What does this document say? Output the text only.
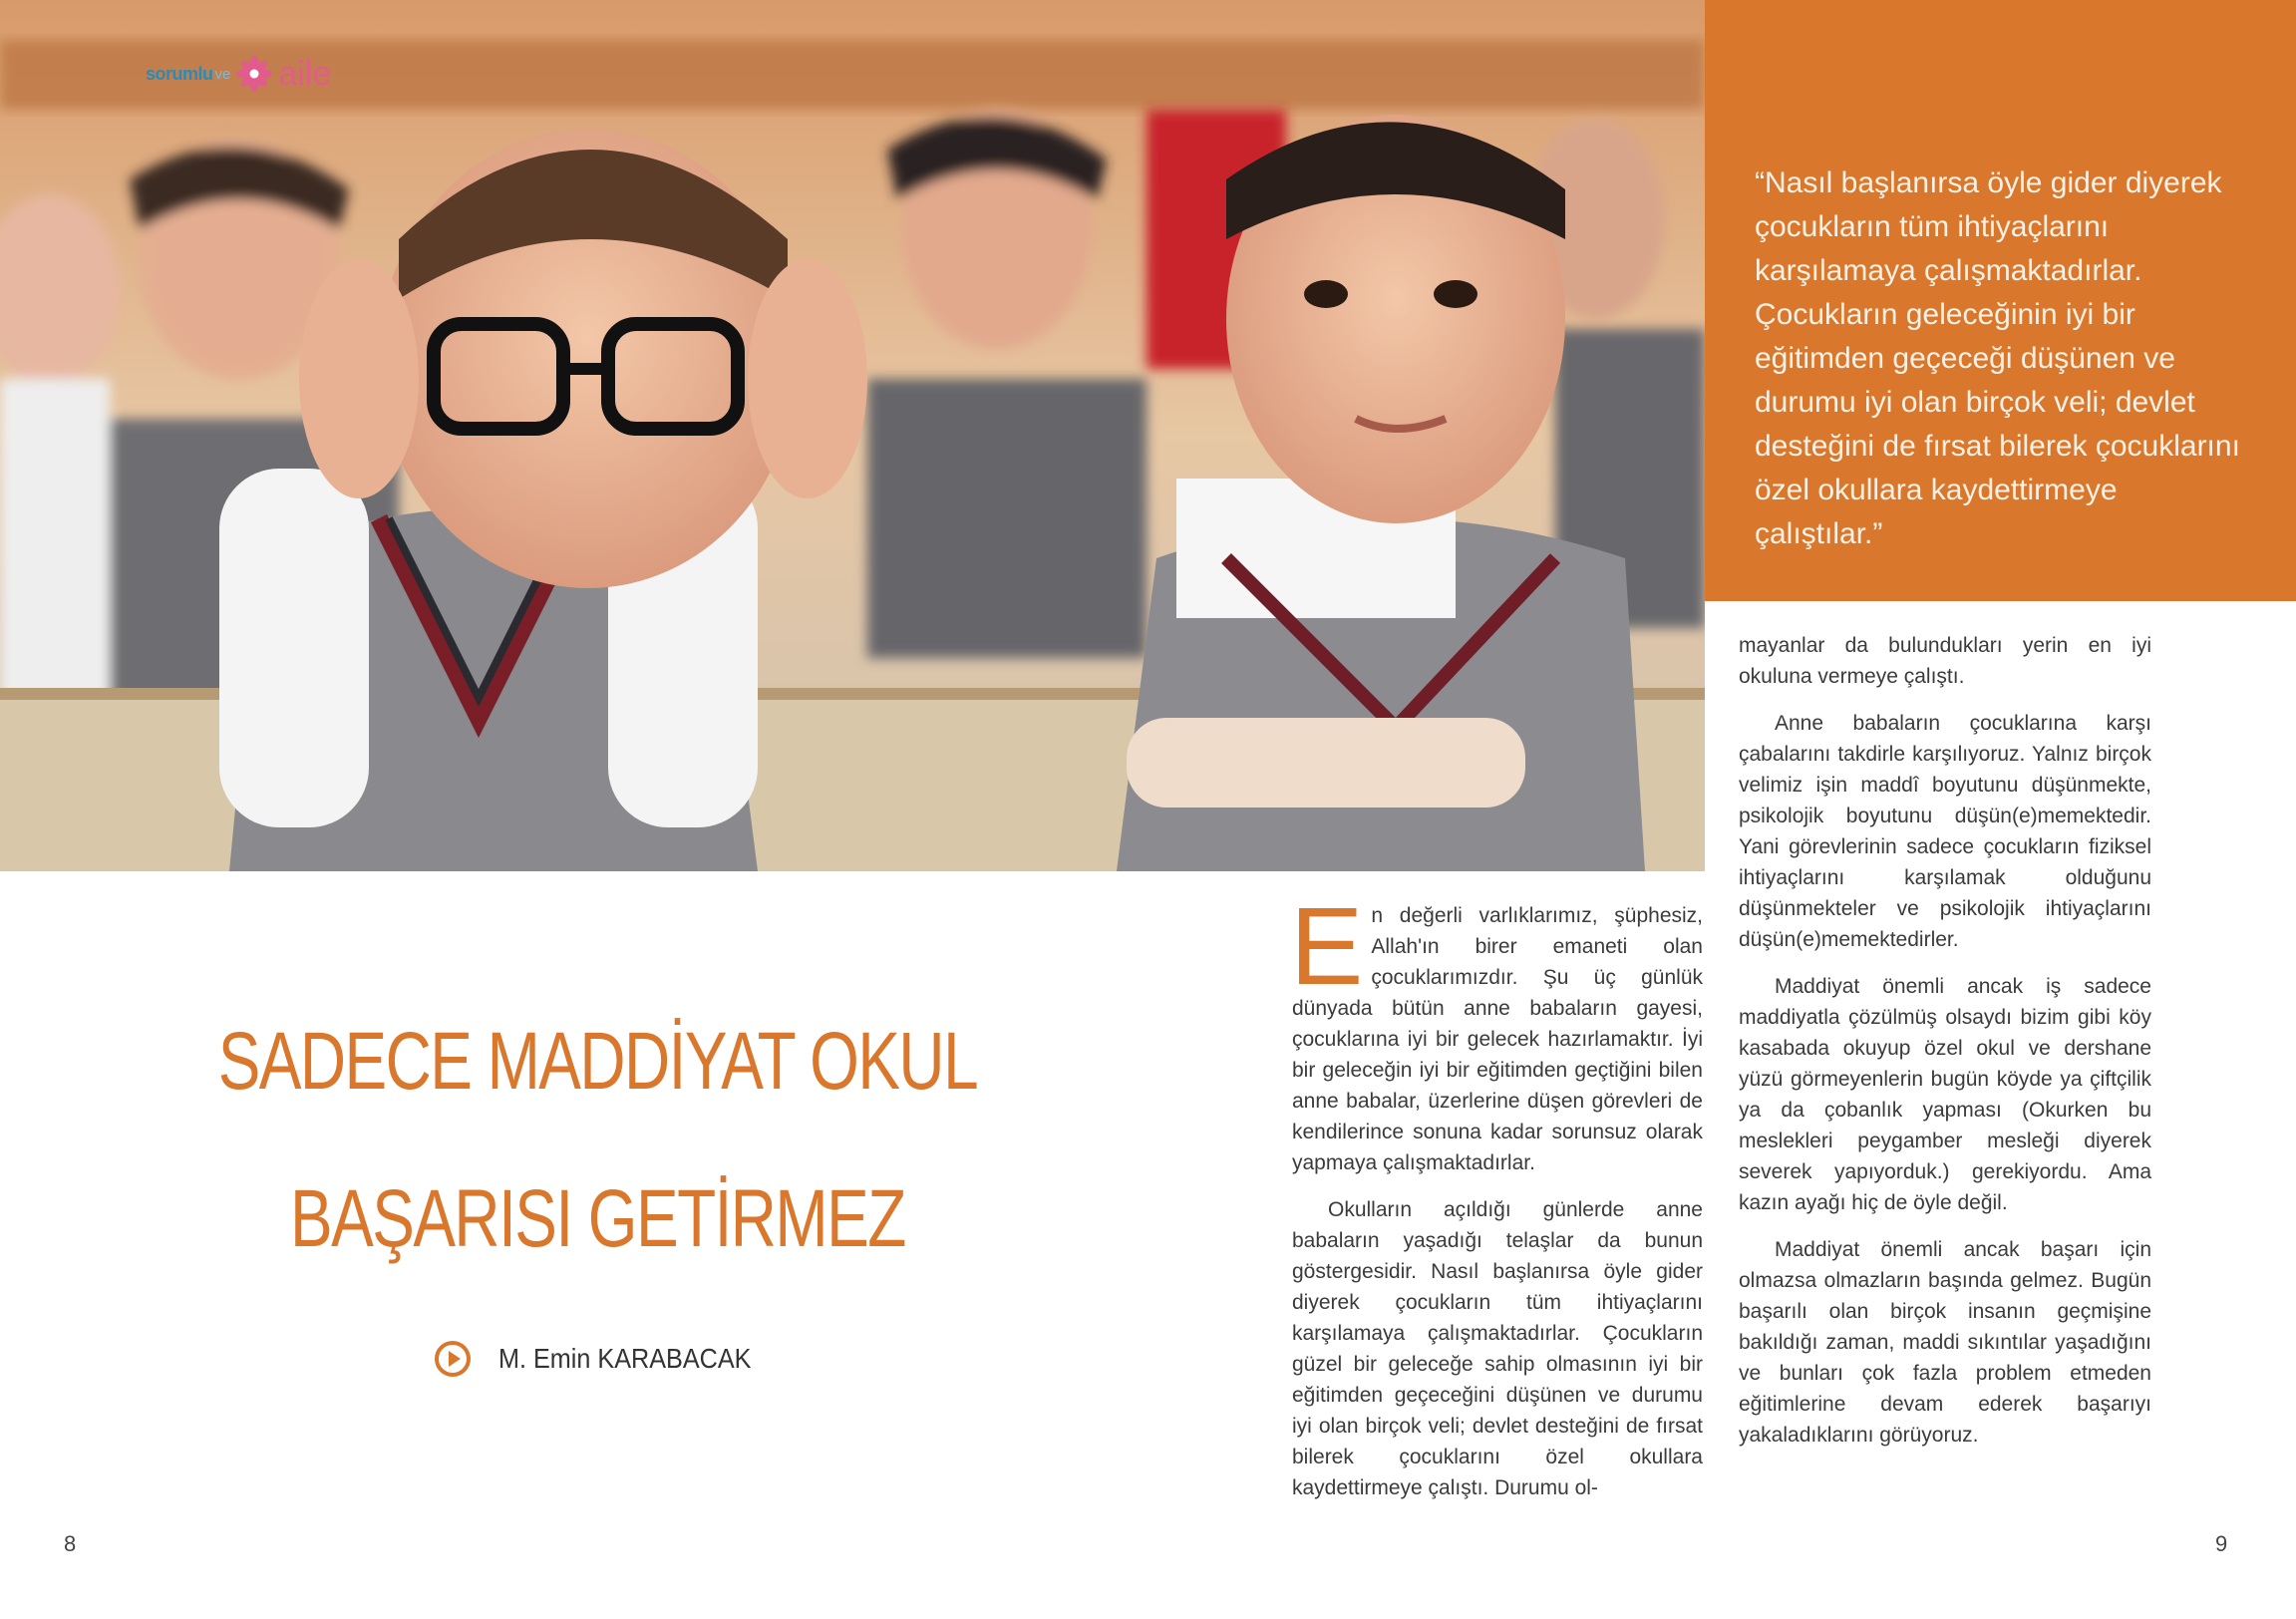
sorumlu ve aile
“Nasıl başlanırsa öyle gider diyerek çocukların tüm ihtiyaçlarını karşılamaya çalışmaktadırlar. Çocukların geleceğinin iyi bir eğitimden geçeceği düşünen ve durumu iyi olan birçok veli; devlet desteğini de fırsat bilerek çocuklarını özel okullara kaydettirmeye çalıştılar.”
SADECE MADDİYAT OKUL
BAŞARISI GETİRMEZ
M. Emin KARABACAK

En değerli varlıklarımız, şüphesiz, Allah'ın birer emaneti olan çocuklarımızdır. Şu üç günlük dünyada bütün anne babaların gayesi, çocuklarına iyi bir gelecek hazırlamaktır. İyi bir geleceğin iyi bir eğitimden geçtiğini bilen anne babalar, üzerlerine düşen görevleri de kendilerince sonuna kadar sorunsuz olarak yapmaya çalışmaktadırlar.

Okulların açıldığı günlerde anne babaların yaşadığı telaşlar da bunun göstergesidir. Nasıl başlanırsa öyle gider diyerek çocukların tüm ihtiyaçlarını karşılamaya çalışmaktadırlar. Çocukların güzel bir geleceğe sahip olmasının iyi bir eğitimden geçeceğini düşünen ve durumu iyi olan birçok veli; devlet desteğini de fırsat bilerek çocuklarını özel okullara kaydettirmeye çalıştı. Durumu ol-

mayanlar da bulundukları yerin en iyi okuluna vermeye çalıştı.

Anne babaların çocuklarına karşı çabalarını takdirle karşılıyoruz. Yalnız birçok velimiz işin maddî boyutunu düşünmekte, psikolojik boyutunu düşün(e)memektedir. Yani görevlerinin sadece çocukların fiziksel ihtiyaçlarını karşılamak olduğunu düşünmekteler ve psikolojik ihtiyaçlarını düşün(e)memektedirler.

Maddiyat önemli ancak iş sadece maddiyatla çözülmüş olsaydı bizim gibi köy kasabada okuyup özel okul ve dershane yüzü görmeyenlerin bugün köyde ya çiftçilik ya da çobanlık yapması (Okurken bu meslekleri peygamber mesleği diyerek severek yapıyorduk.) gerekiyordu. Ama kazın ayağı hiç de öyle değil.

Maddiyat önemli ancak başarı için olmazsa olmazların başında gelmez. Bugün başarılı olan birçok insanın geçmişine bakıldığı zaman, maddi sıkıntılar yaşadığını ve bunları çok fazla problem etmeden eğitimlerine devam ederek başarıyı yakaladıklarını görüyoruz.

8	9
